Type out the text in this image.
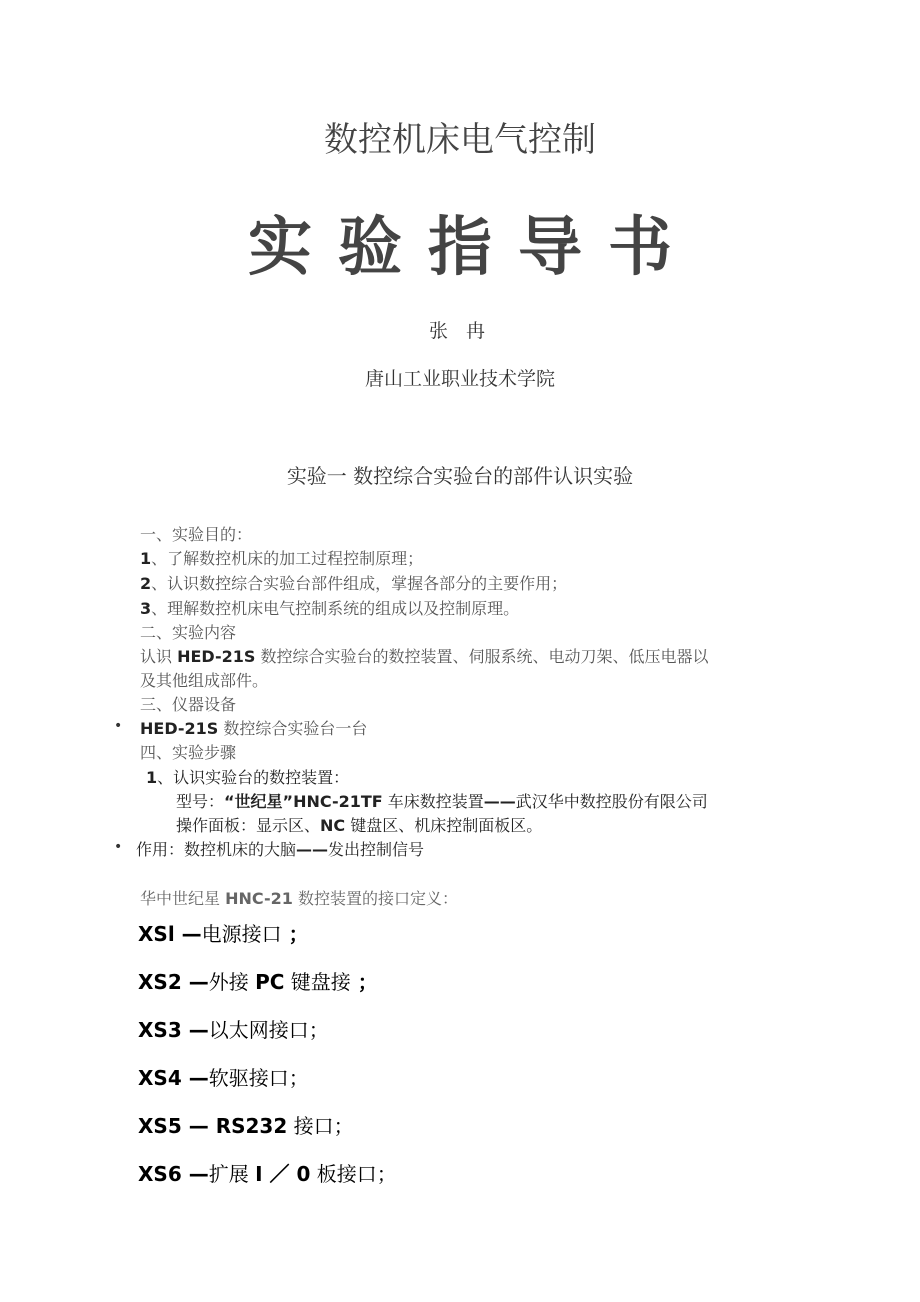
数控机床电气控制
实验指导书
张 冉
唐山工业职业技术学院
实验一 数控综合实验台的部件认识实验
一、实验目的：
1、了解数控机床的加工过程控制原理；
2、认识数控综合实验台部件组成，掌握各部分的主要作用；
3、理解数控机床电气控制系统的组成以及控制原理。
二、实验内容
认识 HED-21S 数控综合实验台的数控装置、伺服系统、电动刀架、低压电器以
及其他组成部件。
三、仪器设备
• HED-21S 数控综合实验台一台
四、实验步骤
1、认识实验台的数控装置：
型号：“世纪星”HNC-21TF 车床数控装置——武汉华中数控股份有限公司
操作面板：显示区、NC 键盘区、机床控制面板区。
• 作用：数控机床的大脑——发出控制信号
华中世纪星 HNC-21 数控装置的接口定义：
XSl —电源接口 ；
XS2 —外接 PC 键盘接 ；
XS3 —以太网接口；
XS4 —软驱接口；
XS5 — RS232 接口；
XS6 —扩展 I ／ 0 板接口；
